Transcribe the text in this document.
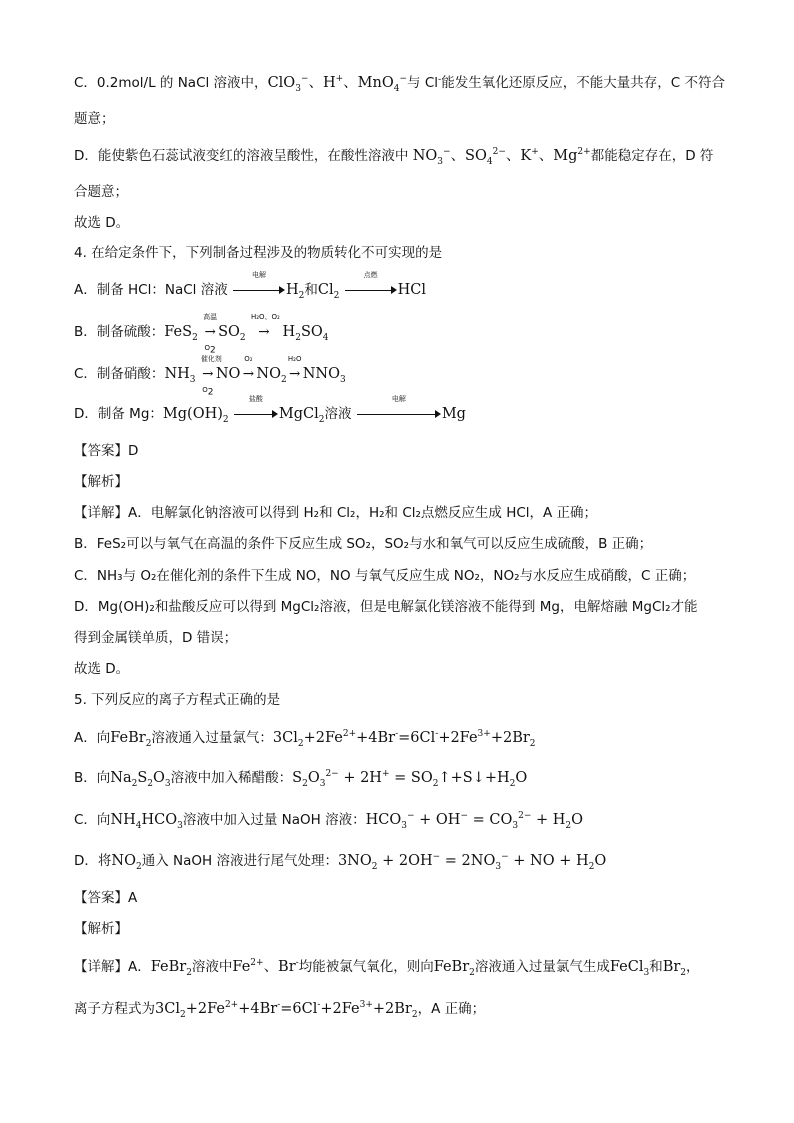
C．0.2mol/L 的 NaCl 溶液中，ClO$_3$−、H+、MnO$_4$−与 Cl-能发生氧化还原反应，不能大量共存，C 不符合
题意；
D．能使紫色石蕊试液变红的溶液呈酸性，在酸性溶液中 $NO_3^-$、$SO_4^{2-}$、K+、$Mg^{2+}$都能稳定存在，D 符
合题意；
故选 D。
4. 在给定条件下，下列制备过程涉及的物质转化不可实现的是
A．制备 HCl：NaCl 溶液
电解
$H_2$和$Cl_2$
点燃
HCl
B．制备硫酸：FeS$_2$
高温
→
$O_2$
$SO_2$
H₂O、O₂
→ $H_2SO_4$
C．制备硝酸：$NH_3$
催化剂
→
$O_2$
NO
O₂
→ $NO_2$
H₂O
→ $NNO_3$
D．制备 Mg：$Mg(OH)_2$
盐酸
MgCl$_2$溶液
电解
Mg
【答案】D
【解析】
【详解】A．电解氯化钠溶液可以得到 H₂和 Cl₂，H₂和 Cl₂点燃反应生成 HCl，A 正确；
B．FeS₂可以与氧气在高温的条件下反应生成 SO₂，SO₂与水和氧气可以反应生成硫酸，B 正确；
C．NH₃与 O₂在催化剂的条件下生成 NO，NO 与氧气反应生成 NO₂，NO₂与水反应生成硝酸，C 正确；
D．Mg(OH)₂和盐酸反应可以得到 MgCl₂溶液，但是电解氯化镁溶液不能得到 Mg，电解熔融 MgCl₂才能
得到金属镁单质，D 错误；
故选 D。
5. 下列反应的离子方程式正确的是
A．向FeBr$_2$溶液通入过量氯气：$3Cl_2+2Fe^{2+}+4Br^-=6Cl^-+2Fe^{3+}+2Br_2$
B．向$Na_2S_2O_3$溶液中加入稀醋酸：$S_2O_3^{2-} + 2H^+$ = $SO_2↑+S↓+H_2O$
C．向$NH_4HCO_3$溶液中加入过量 NaOH 溶液：$HCO_3^- + OH^- = CO_3^{2-} + H_2O$
D．将$NO_2$通入 NaOH 溶液进行尾气处理：$3NO_2 + 2OH^- = 2NO_3^-$ + NO + $H_2O$
【答案】A
【解析】
【详解】A．FeBr$_2$溶液中$Fe^{2+}$、Br-均能被氯气氧化，则向FeBr$_2$溶液通入过量氯气生成FeCl$_3$和$Br_2$，
离子方程式为$3Cl_2+2Fe^{2+}+4Br^-=6Cl^-+2Fe^{3+}+2Br_2$，A 正确；
